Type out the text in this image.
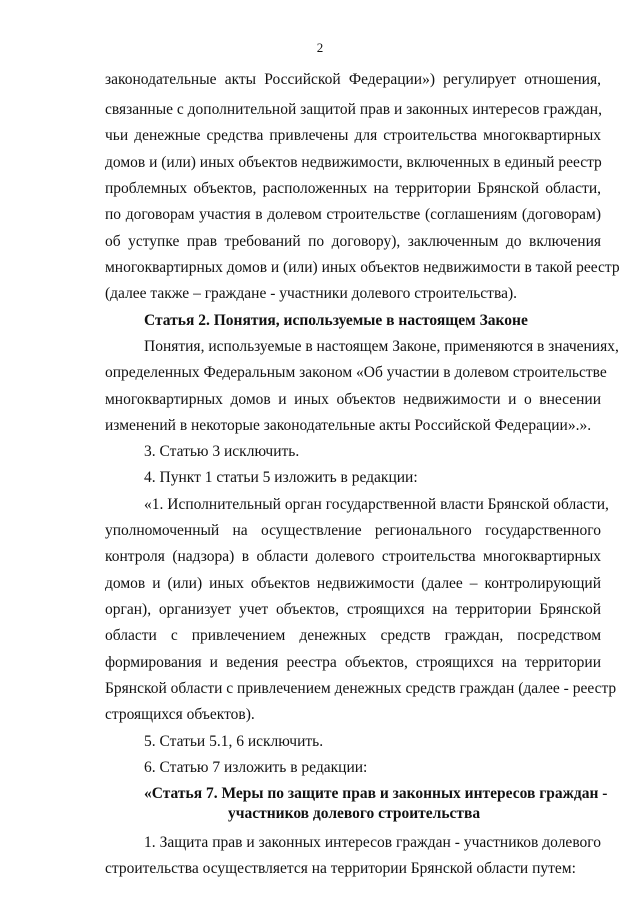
2
законодательные акты Российской Федерации») регулирует отношения,
связанные с дополнительной защитой прав и законных интересов граждан,
чьи денежные средства привлечены для строительства многоквартирных
домов и (или) иных объектов недвижимости, включенных в единый реестр
проблемных объектов, расположенных на территории Брянской области,
по договорам участия в долевом строительстве (соглашениям (договорам)
об уступке прав требований по договору), заключенным до включения
многоквартирных домов и (или) иных объектов недвижимости в такой реестр
(далее также – граждане - участники долевого строительства).
Статья 2. Понятия, используемые в настоящем Законе
Понятия, используемые в настоящем Законе, применяются в значениях,
определенных Федеральным законом «Об участии в долевом строительстве
многоквартирных домов и иных объектов недвижимости и о внесении
изменений в некоторые законодательные акты Российской Федерации».».
3. Статью 3 исключить.
4. Пункт 1 статьи 5 изложить в редакции:
«1. Исполнительный орган государственной власти Брянской области,
уполномоченный на осуществление регионального государственного
контроля (надзора) в области долевого строительства многоквартирных
домов и (или) иных объектов недвижимости (далее – контролирующий
орган), организует учет объектов, строящихся на территории Брянской
области с привлечением денежных средств граждан, посредством
формирования и ведения реестра объектов, строящихся на территории
Брянской области с привлечением денежных средств граждан (далее - реестр
строящихся объектов).
5. Статьи 5.1, 6 исключить.
6. Статью 7 изложить в редакции:
«Статья 7. Меры по защите прав и законных интересов граждан -
участников долевого строительства
1. Защита прав и законных интересов граждан - участников долевого
строительства осуществляется на территории Брянской области путем:
